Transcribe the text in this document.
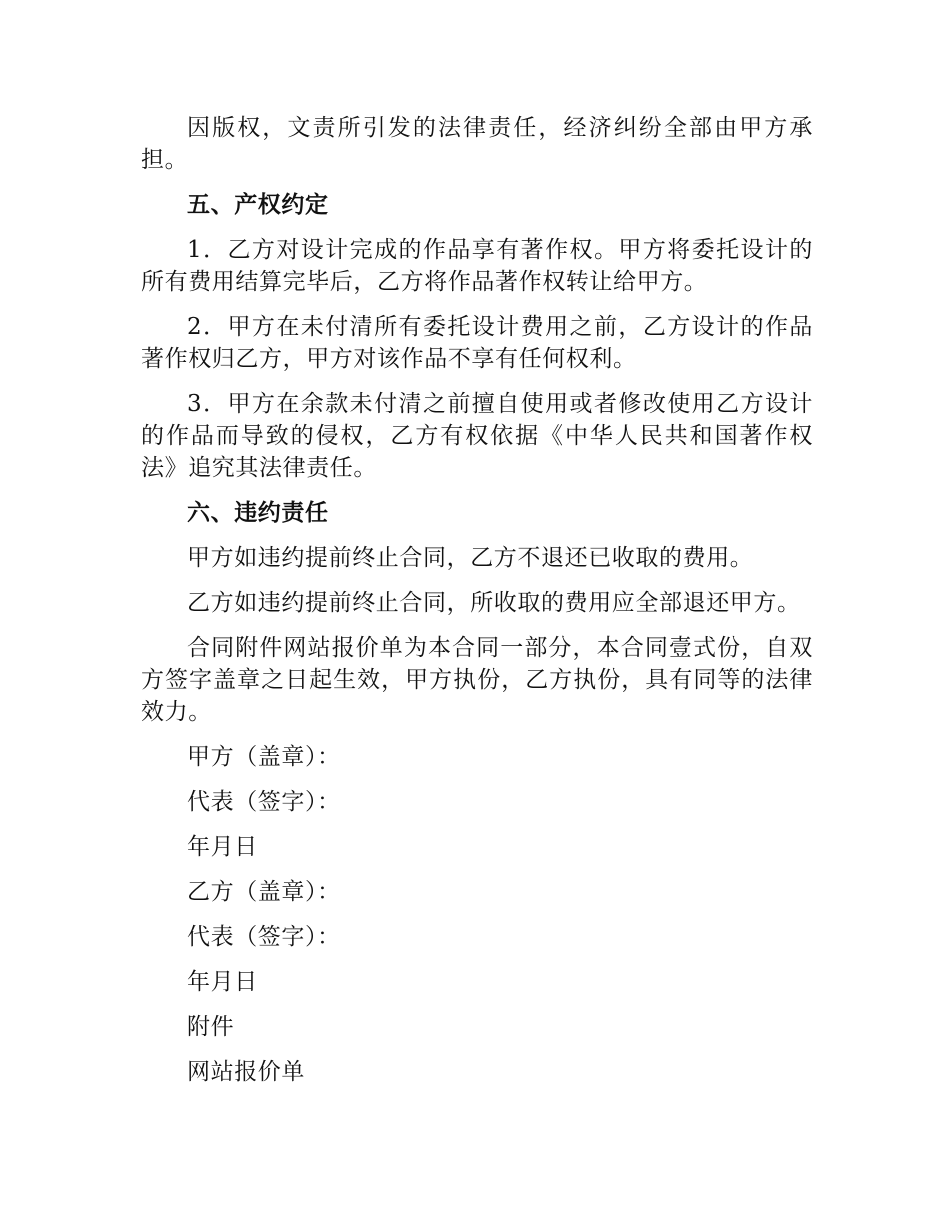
因版权，文责所引发的法律责任，经济纠纷全部由甲方承担。

五、产权约定

1．乙方对设计完成的作品享有著作权。甲方将委托设计的所有费用结算完毕后，乙方将作品著作权转让给甲方。

2．甲方在未付清所有委托设计费用之前，乙方设计的作品著作权归乙方，甲方对该作品不享有任何权利。

3．甲方在余款未付清之前擅自使用或者修改使用乙方设计的作品而导致的侵权，乙方有权依据《中华人民共和国著作权法》追究其法律责任。

六、违约责任

甲方如违约提前终止合同，乙方不退还已收取的费用。

乙方如违约提前终止合同，所收取的费用应全部退还甲方。

合同附件网站报价单为本合同一部分，本合同壹式份，自双方签字盖章之日起生效，甲方执份，乙方执份，具有同等的法律效力。

甲方（盖章）：

代表（签字）：

年月日

乙方（盖章）：

代表（签字）：

年月日

附件

网站报价单
